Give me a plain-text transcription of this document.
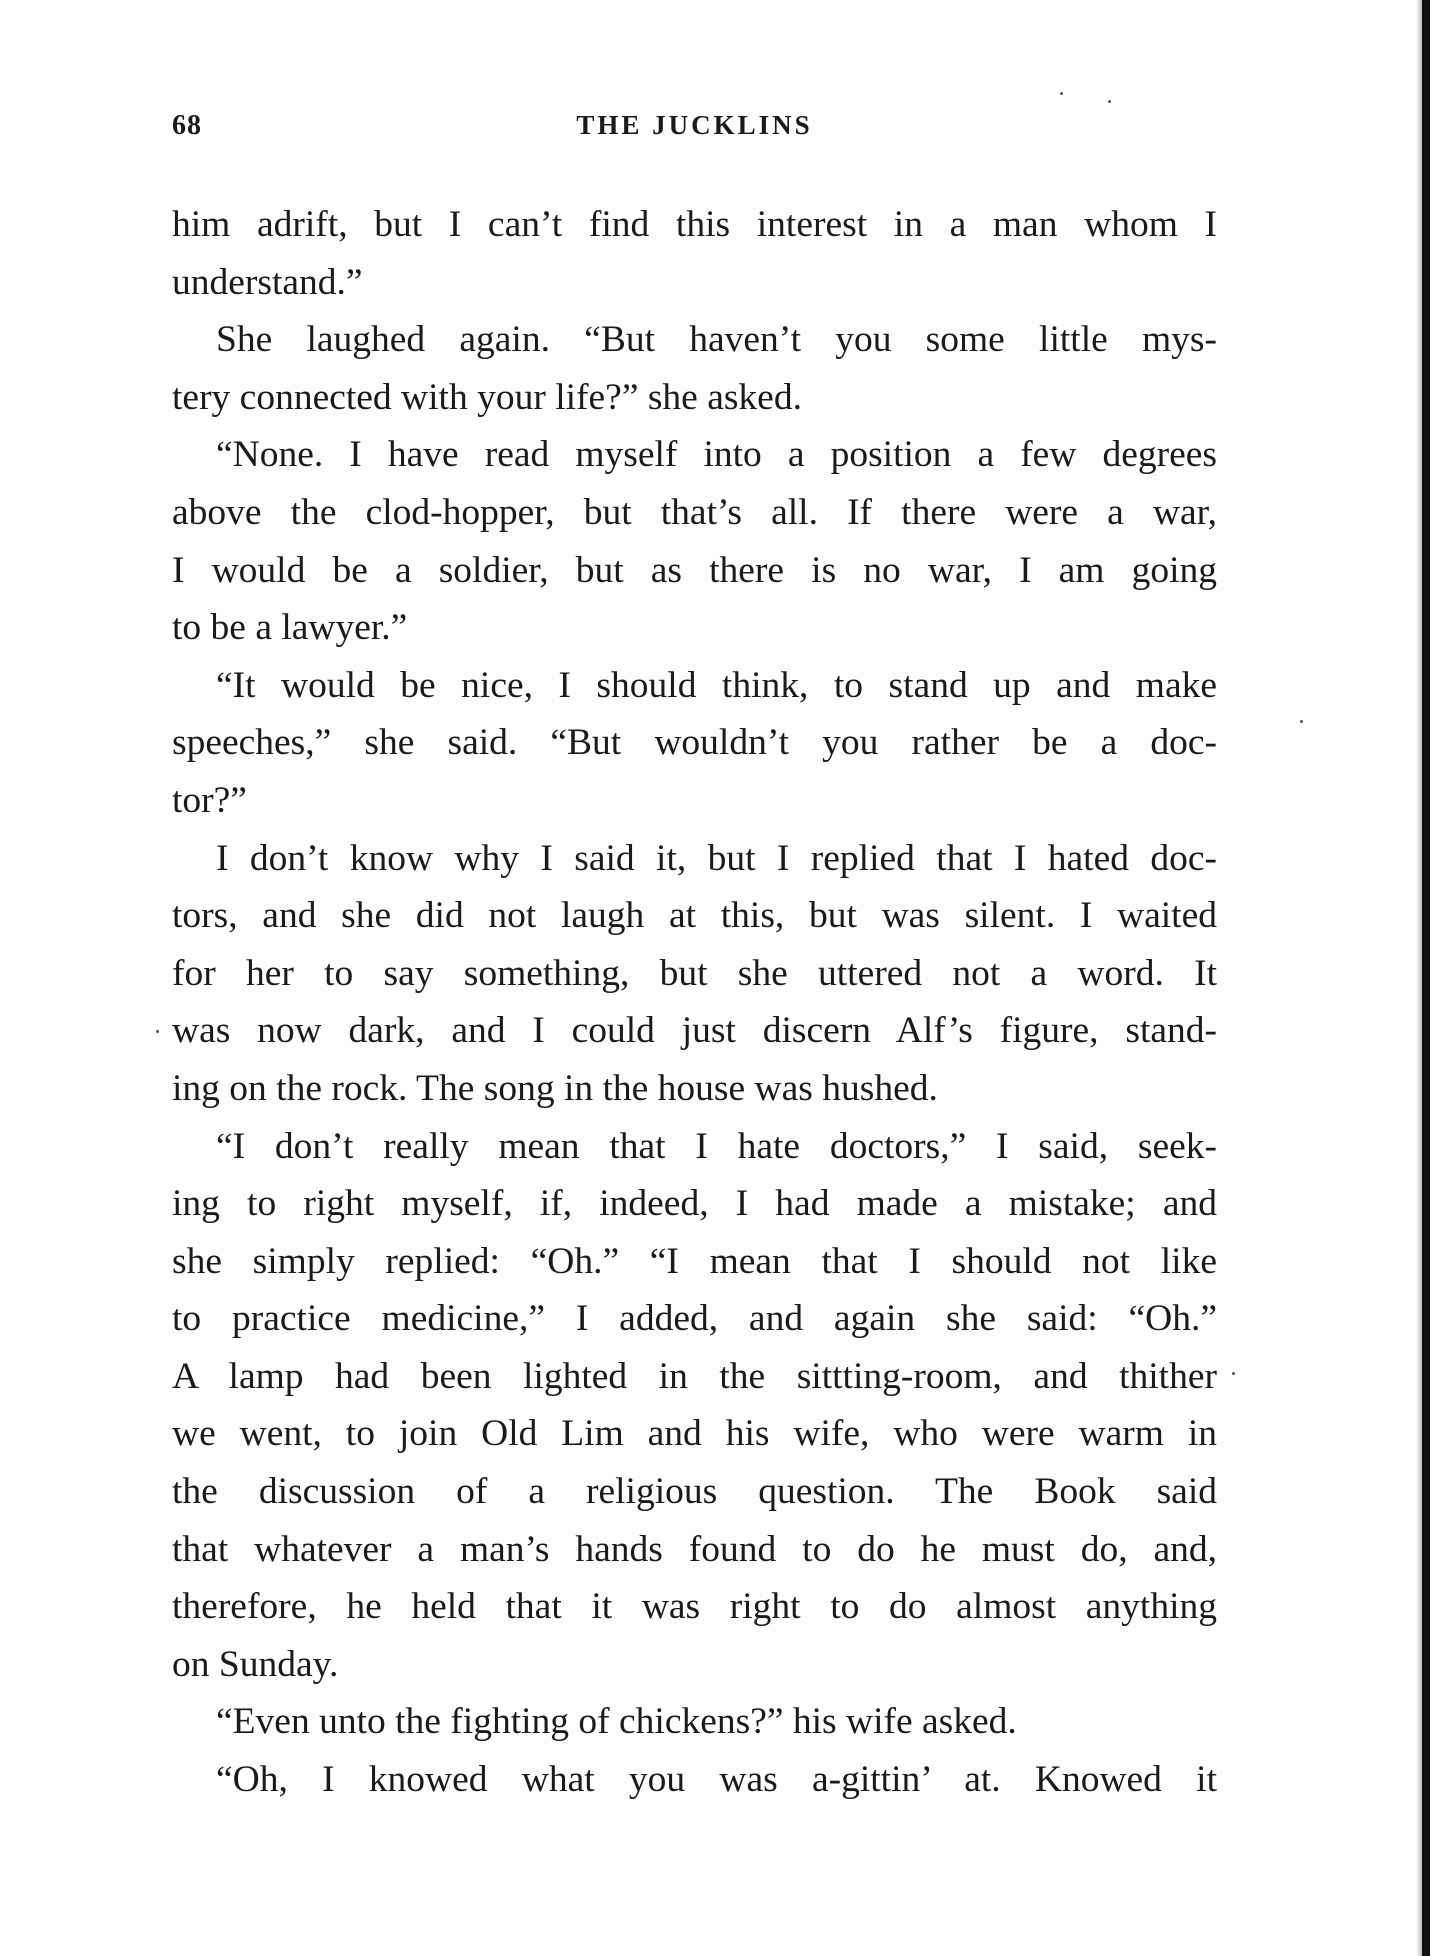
68	THE JUCKLINS
him adrift, but I can’t find this interest in a man whom I
understand.”
She laughed again. “But haven’t you some little mys-
tery connected with your life?” she asked.
“None. I have read myself into a position a few degrees
above the clod-hopper, but that’s all. If there were a war,
I would be a soldier, but as there is no war, I am going
to be a lawyer.”
“It would be nice, I should think, to stand up and make
speeches,” she said. “But wouldn’t you rather be a doc-
tor?”
I don’t know why I said it, but I replied that I hated doc-
tors, and she did not laugh at this, but was silent. I waited
for her to say something, but she uttered not a word. It
was now dark, and I could just discern Alf’s figure, stand-
ing on the rock. The song in the house was hushed.
“I don’t really mean that I hate doctors,” I said, seek-
ing to right myself, if, indeed, I had made a mistake; and
she simply replied: “Oh.” “I mean that I should not like
to practice medicine,” I added, and again she said: “Oh.”
A lamp had been lighted in the sittting-room, and thither
we went, to join Old Lim and his wife, who were warm in
the discussion of a religious question. The Book said
that whatever a man’s hands found to do he must do, and,
therefore, he held that it was right to do almost anything
on Sunday.
“Even unto the fighting of chickens?” his wife asked.
“Oh, I knowed what you was a-gittin’ at. Knowed it
